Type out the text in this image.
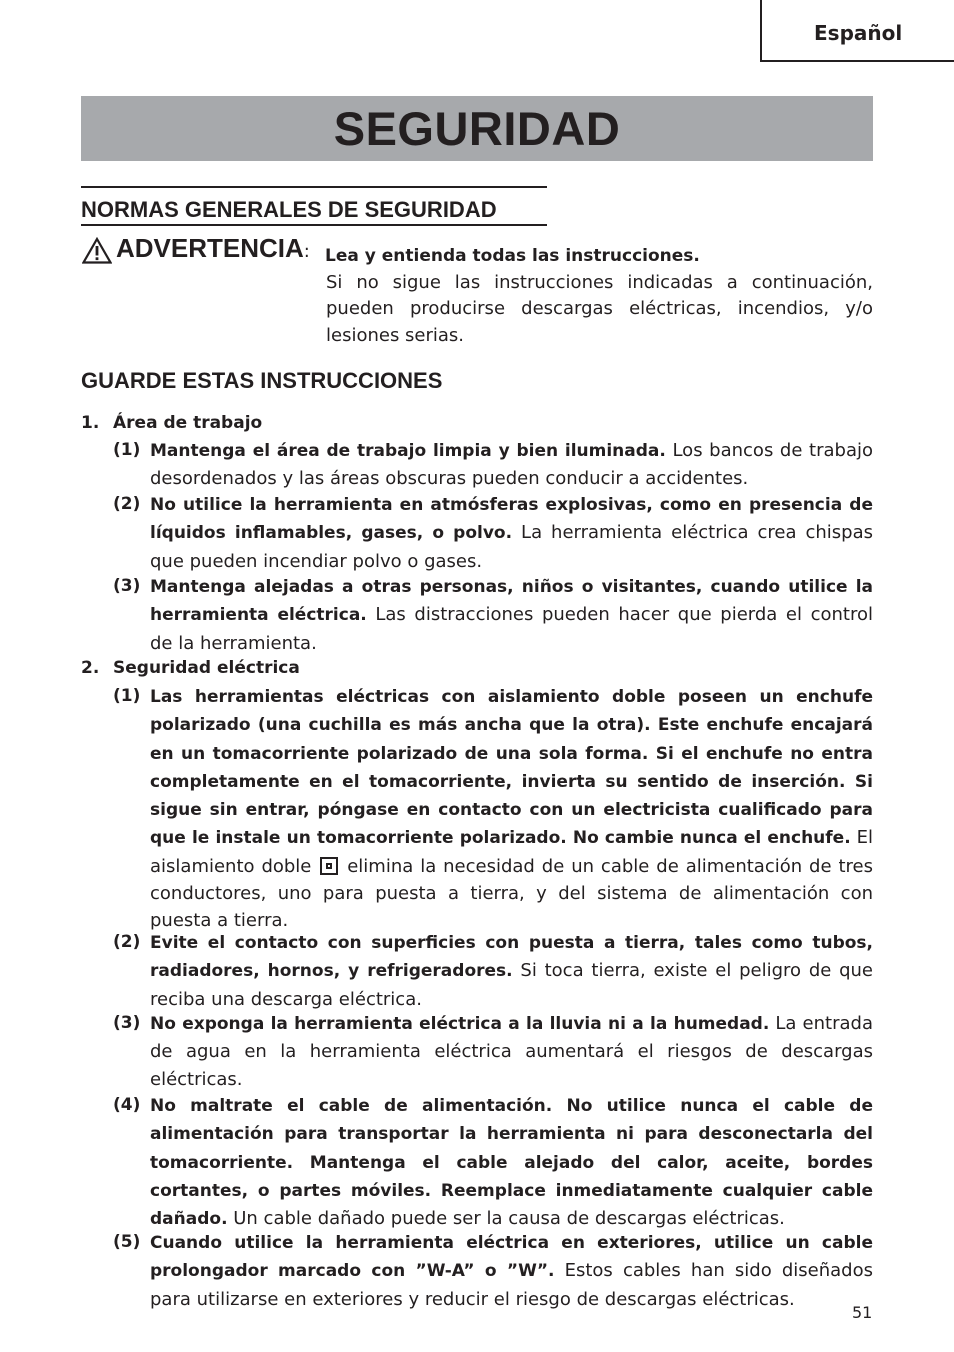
Español
SEGURIDAD
NORMAS GENERALES DE SEGURIDAD
ADVERTENCIA: Lea y entienda todas las instrucciones.
Si no sigue las instrucciones indicadas a continuación, pueden producirse descargas eléctricas, incendios, y/o lesiones serias.
GUARDE ESTAS INSTRUCCIONES
1. Área de trabajo
(1) Mantenga el área de trabajo limpia y bien iluminada. Los bancos de trabajo desordenados y las áreas obscuras pueden conducir a accidentes.
(2) No utilice la herramienta en atmósferas explosivas, como en presencia de líquidos inflamables, gases, o polvo. La herramienta eléctrica crea chispas que pueden incendiar polvo o gases.
(3) Mantenga alejadas a otras personas, niños o visitantes, cuando utilice la herramienta eléctrica. Las distracciones pueden hacer que pierda el control de la herramienta.
2. Seguridad eléctrica
(1) Las herramientas eléctricas con aislamiento doble poseen un enchufe polarizado (una cuchilla es más ancha que la otra). Este enchufe encajará en un tomacorriente polarizado de una sola forma. Si el enchufe no entra completamente en el tomacorriente, invierta su sentido de inserción. Si sigue sin entrar, póngase en contacto con un electricista cualificado para que le instale un tomacorriente polarizado. No cambie nunca el enchufe. El aislamiento doble  elimina la necesidad de un cable de alimentación de tres conductores, uno para puesta a tierra, y del sistema de alimentación con puesta a tierra.
(2) Evite el contacto con superficies con puesta a tierra, tales como tubos, radiadores, hornos, y refrigeradores. Si toca tierra, existe el peligro de que reciba una descarga eléctrica.
(3) No exponga la herramienta eléctrica a la lluvia ni a la humedad. La entrada de agua en la herramienta eléctrica aumentará el riesgos de descargas eléctricas.
(4) No maltrate el cable de alimentación. No utilice nunca el cable de alimentación para transportar la herramienta ni para desconectarla del tomacorriente. Mantenga el cable alejado del calor, aceite, bordes cortantes, o partes móviles. Reemplace inmediatamente cualquier cable dañado. Un cable dañado puede ser la causa de descargas eléctricas.
(5) Cuando utilice la herramienta eléctrica en exteriores, utilice un cable prolongador marcado con ”W-A” o ”W”. Estos cables han sido diseñados para utilizarse en exteriores y reducir el riesgo de descargas eléctricas.
51
